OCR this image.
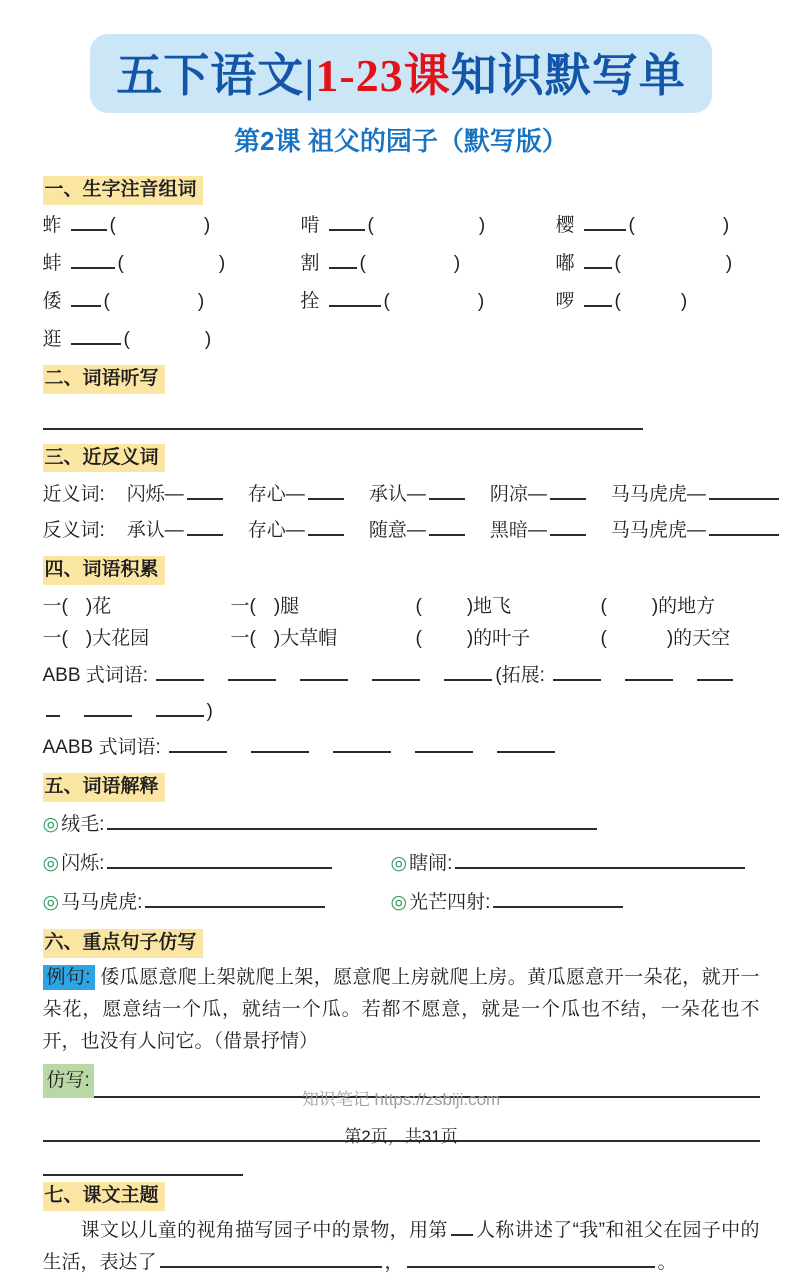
五下语文|1-23课知识默写单
第2课 祖父的园子（默写版）
一、生字注音组词
蚱	(	)	啃	(	)	樱	(	)
蚌	(	)	割 (	)	嘟 (	)
倭 (	)	拴	(	)	啰 (	)
逛	(	)
二、词语听写
三、近反义词
近义词: 闪烁—	存心—	承认—	阴凉—	马马虎虎—
反义词: 承认—	存心—	随意—	黑暗—	马马虎虎—
四、词语积累
一( )花	一( )腿	( )地飞	( )的地方
一( )大花园	一( )大草帽	( )的叶子	(	)的天空
ABB 式词语:	(拓展:
)
AABB 式词语:
五、词语解释
◎ 绒毛:
◎ 闪烁:	◎ 瞎闹:
◎ 马马虎虎:	◎ 光芒四射:
六、重点句子仿写

例句: 倭瓜愿意爬上架就爬上架，愿意爬上房就爬上房。黄瓜愿意开一朵花，就开一朵花，愿意结一个瓜，就结一个瓜。若都不愿意，就是一个瓜也不结，一朵花也不开，也没有人问它。（借景抒情）

仿写:
七、课文主题

课文以儿童的视角描写园子中的景物，用第 人称讲述了“我”和祖父在园子中的生活，表达了	，	。

知识笔记 https://zsbiji.com
第2页，共31页
